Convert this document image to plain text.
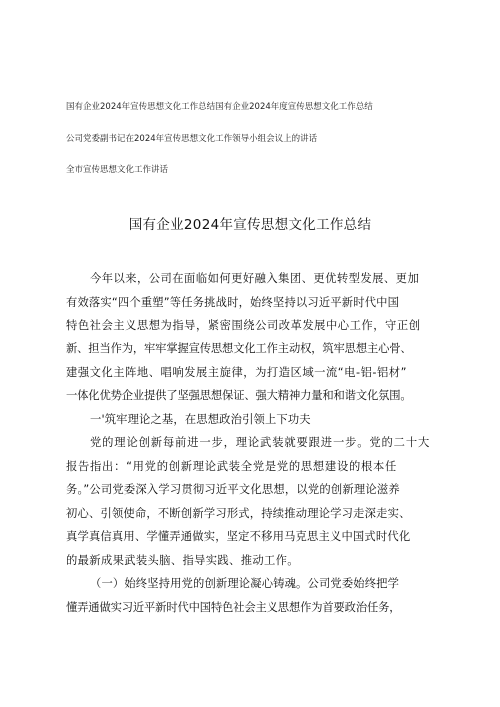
国有企业2024年宣传思想文化工作总结国有企业2024年度宣传思想文化工作总结
公司党委副书记在2024年宣传思想文化工作领导小组会议上的讲话
全市宣传思想文化工作讲话
国有企业2024年宣传思想文化工作总结
今年以来，公司在面临如何更好融入集团、更优转型发展、更加
有效落实“四个重塑”等任务挑战时，始终坚持以习近平新时代中国
特色社会主义思想为指导，紧密围绕公司改革发展中心工作，守正创
新、担当作为，牢牢掌握宣传思想文化工作主动权，筑牢思想主心骨、
建强文化主阵地、唱响发展主旋律，为打造区域一流“电-铝-铝材”
一体化优势企业提供了坚强思想保证、强大精神力量和和谐文化氛围。
一'筑牢理论之基，在思想政治引领上下功夫
党的理论创新每前进一步，理论武装就要跟进一步。党的二十大
报告指出：“用党的创新理论武装全党是党的思想建设的根本任
务。”公司党委深入学习贯彻习近平文化思想，以党的创新理论滋养
初心、引领使命，不断创新学习形式，持续推动理论学习走深走实、
真学真信真用、学懂弄通做实，坚定不移用马克思主义中国式时代化
的最新成果武装头脑、指导实践、推动工作。
（一）始终坚持用党的创新理论凝心铸魂。公司党委始终把学
懂弄通做实习近平新时代中国特色社会主义思想作为首要政治任务，
